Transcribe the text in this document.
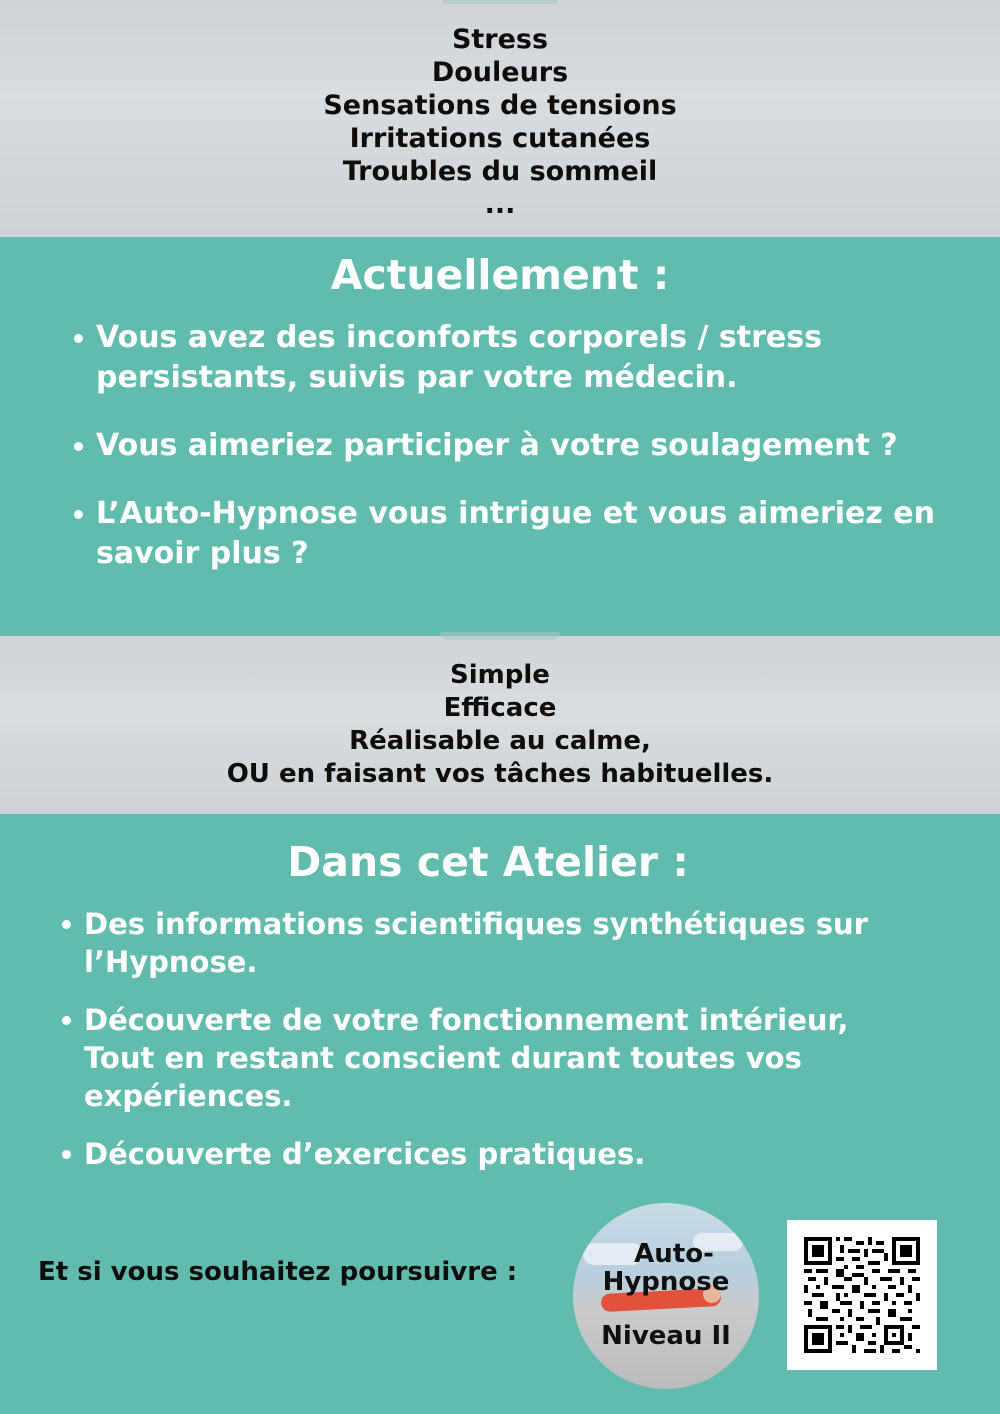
Stress
Douleurs
Sensations de tensions
Irritations cutanées
Troubles du sommeil
...
Actuellement :
Vous avez des inconforts corporels / stress persistants, suivis par votre médecin.
Vous aimeriez participer à votre soulagement ?
L’Auto-Hypnose vous intrigue et vous aimeriez en savoir plus ?
Simple
Efficace
Réalisable au calme,
OU en faisant vos tâches habituelles.
Dans cet Atelier :
Des informations scientifiques synthétiques sur l’Hypnose.
Découverte de votre fonctionnement intérieur, Tout en restant conscient durant toutes vos expériences.
Découverte d’exercices pratiques.
Et si vous souhaitez poursuivre :
Auto-
Hypnose
Niveau II
